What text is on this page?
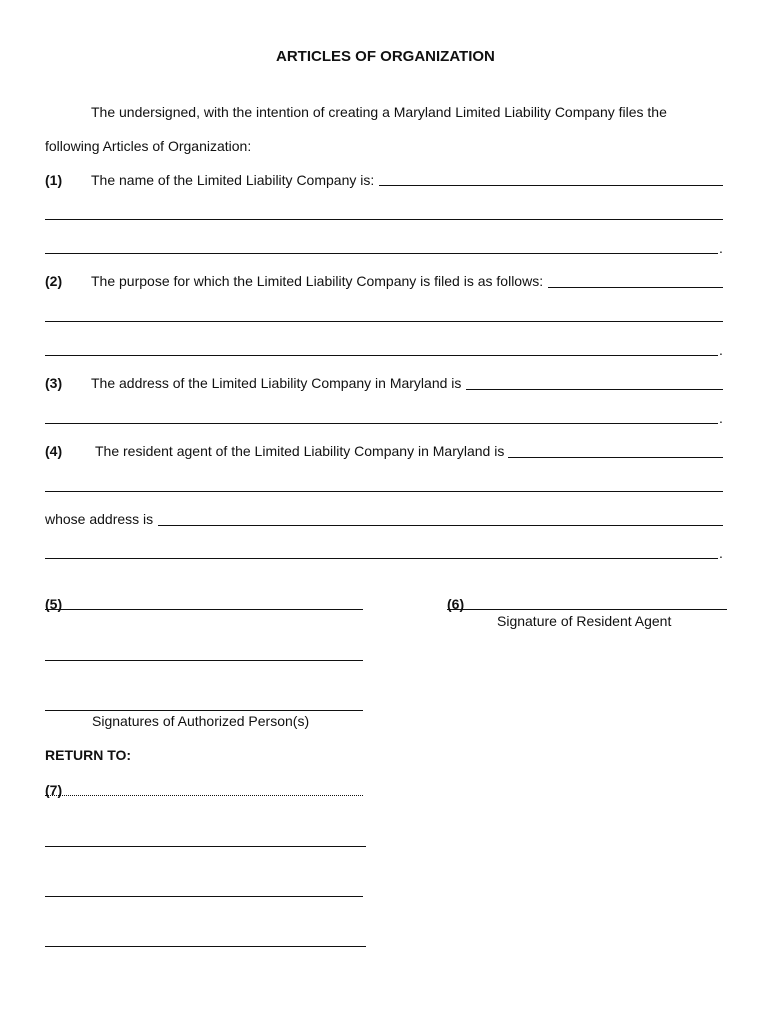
ARTICLES OF ORGANIZATION
The undersigned, with the intention of creating a Maryland Limited Liability Company files the
following Articles of Organization:
(1) The name of the Limited Liability Company is:
.
(2) The purpose for which the Limited Liability Company is filed is as follows:
.
(3) The address of the Limited Liability Company in Maryland is
.
(4) The resident agent of the Limited Liability Company in Maryland is
whose address is
.
(5)	(6)
Signature of Resident Agent
Signatures of Authorized Person(s)
RETURN TO:
(7)
